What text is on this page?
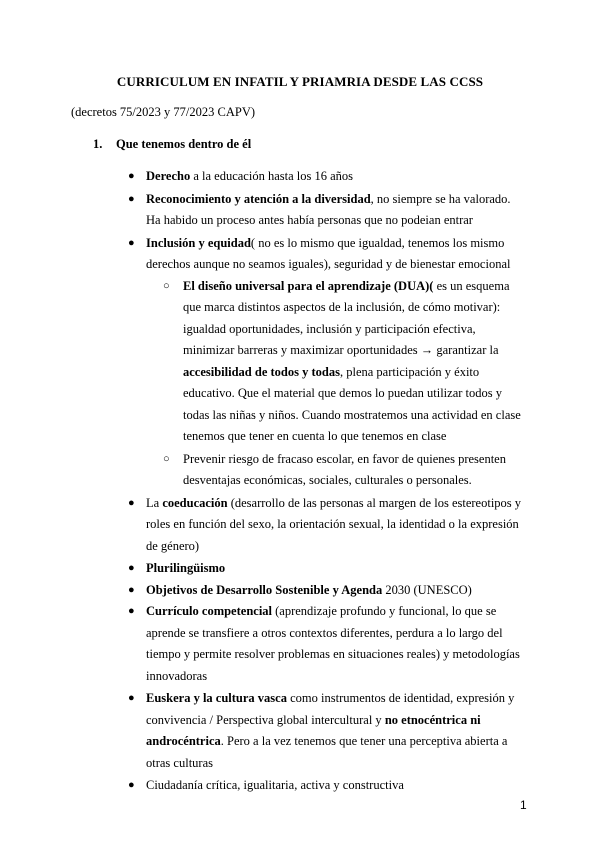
CURRICULUM EN INFATIL Y PRIAMRIA DESDE LAS CCSS
(decretos 75/2023 y 77/2023 CAPV)
1. Que tenemos dentro de él
● Derecho a la educación hasta los 16 años
● Reconocimiento y atención a la diversidad, no siempre se ha valorado. Ha habido un proceso antes había personas que no podeian entrar
● Inclusión y equidad( no es lo mismo que igualdad, tenemos los mismo derechos aunque no seamos iguales), seguridad y de bienestar emocional
○ El diseño universal para el aprendizaje (DUA)( es un esquema que marca distintos aspectos de la inclusión, de cómo motivar): igualdad oportunidades, inclusión y participación efectiva, minimizar barreras y maximizar oportunidades → garantizar la accesibilidad de todos y todas, plena participación y éxito educativo. Que el material que demos lo puedan utilizar todos y todas las niñas y niños. Cuando mostratemos una actividad en clase tenemos que tener en cuenta lo que tenemos en clase
○ Prevenir riesgo de fracaso escolar, en favor de quienes presenten desventajas económicas, sociales, culturales o personales.
● La coeducación (desarrollo de las personas al margen de los estereotipos y roles en función del sexo, la orientación sexual, la identidad o la expresión de género)
● Plurilingüismo
● Objetivos de Desarrollo Sostenible y Agenda 2030 (UNESCO)
● Currículo competencial (aprendizaje profundo y funcional, lo que se aprende se transfiere a otros contextos diferentes, perdura a lo largo del tiempo y permite resolver problemas en situaciones reales) y metodologías innovadoras
● Euskera y la cultura vasca como instrumentos de identidad, expresión y convivencia / Perspectiva global intercultural y no etnocéntrica ni androcéntrica. Pero a la vez tenemos que tener una perceptiva abierta a otras culturas
● Ciudadanía crítica, igualitaria, activa y constructiva
1
